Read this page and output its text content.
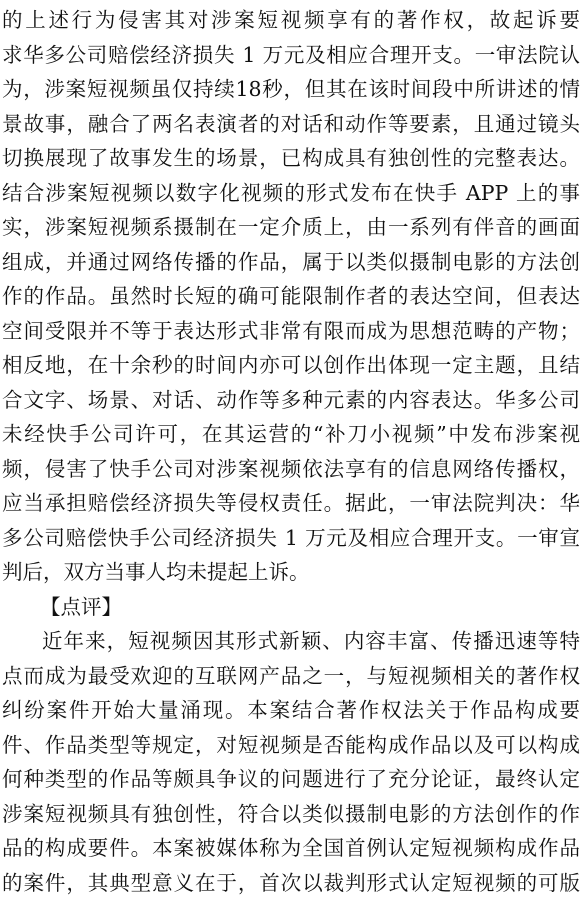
的上述行为侵害其对涉案短视频享有的著作权，故起诉要
求华多公司赔偿经济损失 1 万元及相应合理开支。一审法院认
为，涉案短视频虽仅持续18秒，但其在该时间段中所讲述的情
景故事，融合了两名表演者的对话和动作等要素，且通过镜头
切换展现了故事发生的场景，已构成具有独创性的完整表达。
结合涉案短视频以数字化视频的形式发布在快手 APP 上的事
实，涉案短视频系摄制在一定介质上，由一系列有伴音的画面
组成，并通过网络传播的作品，属于以类似摄制电影的方法创
作的作品。虽然时长短的确可能限制作者的表达空间，但表达
空间受限并不等于表达形式非常有限而成为思想范畴的产物；
相反地，在十余秒的时间内亦可以创作出体现一定主题，且结
合文字、场景、对话、动作等多种元素的内容表达。华多公司
未经快手公司许可，在其运营的“补刀小视频”中发布涉案视
频，侵害了快手公司对涉案视频依法享有的信息网络传播权，
应当承担赔偿经济损失等侵权责任。据此，一审法院判决：华
多公司赔偿快手公司经济损失 1 万元及相应合理开支。一审宣
判后，双方当事人均未提起上诉。
【点评】
近年来，短视频因其形式新颖、内容丰富、传播迅速等特
点而成为最受欢迎的互联网产品之一，与短视频相关的著作权
纠纷案件开始大量涌现。本案结合著作权法关于作品构成要
件、作品类型等规定，对短视频是否能构成作品以及可以构成
何种类型的作品等颇具争议的问题进行了充分论证，最终认定
涉案短视频具有独创性，符合以类似摄制电影的方法创作的作
品的构成要件。本案被媒体称为全国首例认定短视频构成作品
的案件，其典型意义在于，首次以裁判形式认定短视频的可版
